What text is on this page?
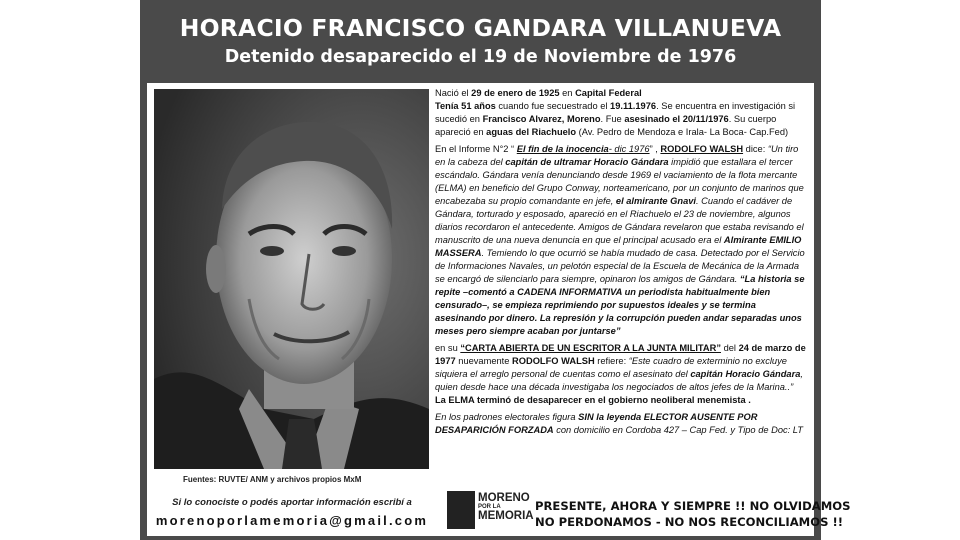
HORACIO FRANCISCO GANDARA VILLANUEVA
Detenido desaparecido el 19 de Noviembre de 1976
Fuentes: RUVTE/ ANM y archivos propios MxM
Si lo conociste o podés aportar información escribí a
morenoporlamemoria@gmail.com

Nació el 29 de enero de 1925 en Capital Federal
Tenía 51 años cuando fue secuestrado el 19.11.1976. Se encuentra en investigación si sucedió en Francisco Alvarez, Moreno. Fue asesinado el 20/11/1976. Su cuerpo apareció en aguas del Riachuelo (Av. Pedro de Mendoza e Irala- La Boca- Cap.Fed)

En el Informe N°2 “ El fin de la inocencia- dic 1976” , RODOLFO WALSH dice: “Un tiro en la cabeza del capitán de ultramar Horacio Gándara impidió que estallara el tercer escándalo. Gándara venía denunciando desde 1969 el vaciamiento de la flota mercante (ELMA) en beneficio del Grupo Conway, norteamericano, por un conjunto de marinos que encabezaba su propio comandante en jefe, el almirante Gnavi. Cuando el cadáver de Gándara, torturado y esposado, apareció en el Riachuelo el 23 de noviembre, algunos diarios recordaron el antecedente. Amigos de Gándara revelaron que estaba revisando el manuscrito de una nueva denuncia en que el principal acusado era el Almirante EMILIO MASSERA. Temiendo lo que ocurrió se había mudado de casa. Detectado por el Servicio de Informaciones Navales, un pelotón especial de la Escuela de Mecánica de la Armada se encargó de silenciarlo para siempre, opinaron los amigos de Gándara. “La historia se repite –comentó a CADENA INFORMATIVA un periodista habitualmente bien censurado–, se empieza reprimiendo por supuestos ideales y se termina asesinando por dinero. La represión y la corrupción pueden andar separadas unos meses pero siempre acaban por juntarse”

en su “CARTA ABIERTA DE UN ESCRITOR A LA JUNTA MILITAR” del 24 de marzo de 1977 nuevamente RODOLFO WALSH refiere: “Este cuadro de exterminio no excluye siquiera el arreglo personal de cuentas como el asesinato del capitán Horacio Gándara, quien desde hace una década investigaba los negociados de altos jefes de la Marina..”
La ELMA terminó de desaparecer en el gobierno neoliberal menemista .

En los padrones electorales figura SIN la leyenda ELECTOR AUSENTE POR DESAPARICIÓN FORZADA con domicilio en Cordoba 427 – Cap Fed. y Tipo de Doc: LT

MORENO
POR LA
MEMORIA
PRESENTE, AHORA Y SIEMPRE !! NO OLVIDAMOS
NO PERDONAMOS - NO NOS RECONCILIAMOS !!
